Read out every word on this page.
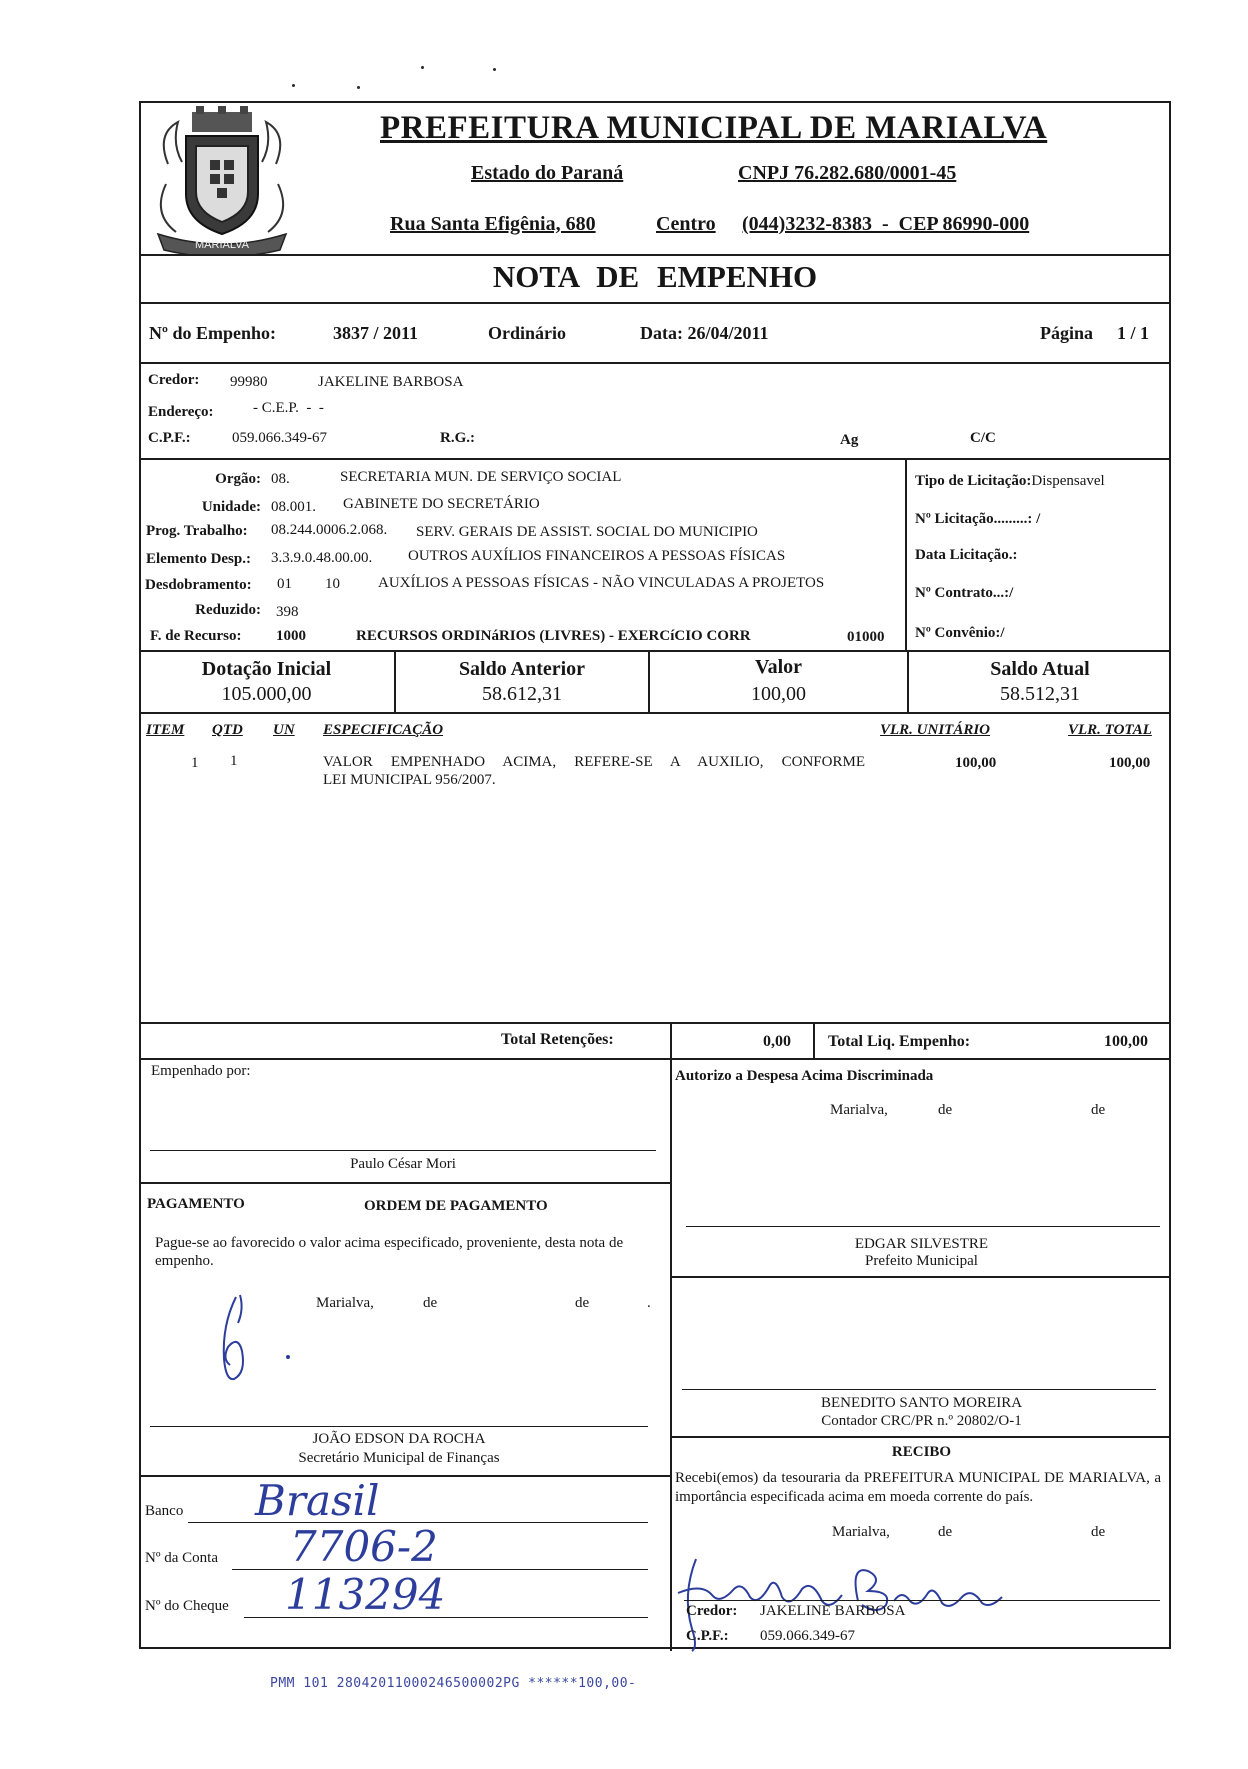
MARIALVA
PREFEITURA MUNICIPAL DE MARIALVA
Estado do Paraná	CNPJ 76.282.680/0001-45
Rua Santa Efigênia, 680	Centro (044)3232-8383  -  CEP 86990-000
NOTA DE EMPENHO
Nº do Empenho:	3837 / 2011	Ordinário	Data: 26/04/2011	Página 1 / 1
Credor: 99980	JAKELINE BARBOSA
Endereço:	- C.E.P.  -  -
C.P.F.:	059.066.349-67	R.G.:	Ag	C/C
Orgão: 08.	SECRETARIA MUN. DE SERVIÇO SOCIAL
Unidade: 08.001. GABINETE DO SECRETÁRIO
Prog. Trabalho: 08.244.0006.2.068. SERV. GERAIS DE ASSIST. SOCIAL DO MUNICIPIO
Elemento Desp.: 3.3.9.0.48.00.00. OUTROS AUXÍLIOS FINANCEIROS A PESSOAS FÍSICAS
Desdobramento: 01 10	AUXÍLIOS A PESSOAS FÍSICAS - NÃO VINCULADAS A PROJETOS
Reduzido: 398
F. de Recurso: 1000	RECURSOS ORDINáRIOS (LIVRES) - EXERCíCIO CORR	01000
Tipo de Licitação:Dispensavel
Nº Licitação.........: /
Data Licitação.:
Nº Contrato...:/
Nº Convênio:/
Dotação Inicial
105.000,00
Saldo Anterior
58.612,31
Valor
100,00
Saldo Atual
58.512,31
ITEM QTD UN ESPECIFICAÇÃO	VLR. UNITÁRIO	VLR. TOTAL
1 1	VALOR EMPENHADO ACIMA, REFERE-SE A AUXILIO, CONFORME
LEI MUNICIPAL 956/2007.
100,00	100,00
Total Retenções:	0,00 Total Liq. Empenho:	100,00
Empenhado por:
Paulo César Mori
PAGAMENTO	ORDEM DE PAGAMENTO
Pague-se ao favorecido o valor acima especificado, proveniente, desta nota de empenho.
Marialva,	de	de	.
JOÃO EDSON DA ROCHA
Secretário Municipal de Finanças
Banco Brasil
Nº da Conta 7706-2
Nº do Cheque 113294
Autorizo a Despesa Acima Discriminada
Marialva,	de	de
EDGAR SILVESTRE
Prefeito Municipal
BENEDITO SANTO MOREIRA
Contador CRC/PR n.º 20802/O-1
RECIBO
Recebi(emos) da tesouraria da PREFEITURA MUNICIPAL DE MARIALVA, a importância especificada acima em moeda corrente do país.
Marialva,	de	de
Credor: JAKELINE BARBOSA
C.P.F.: 059.066.349-67
PMM 101 28042011000246500002PG ******100,00-
